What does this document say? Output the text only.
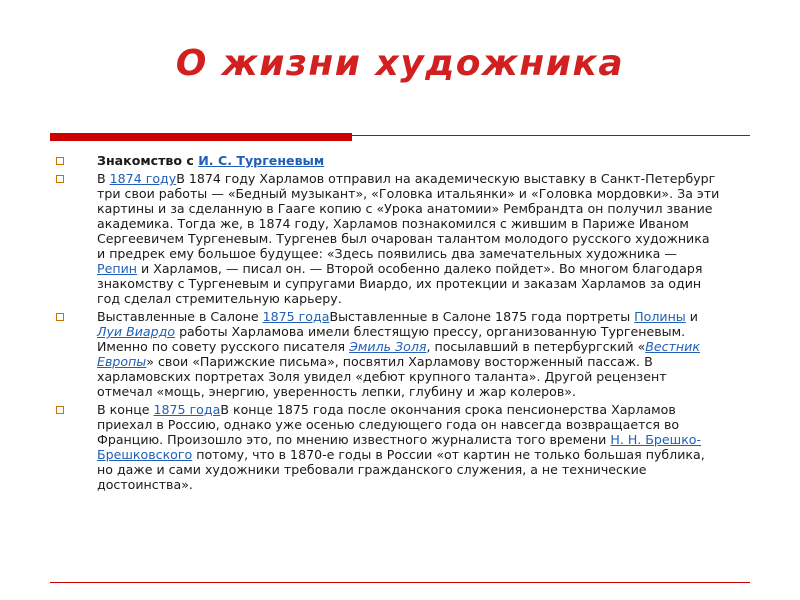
О жизни художника

Знакомство с И. С. Тургеневым

В 1874 годуВ 1874 году Харламов отправил на академическую выставку в Санкт-Петербург три свои работы — «Бедный музыкант», «Головка итальянки» и «Головка мордовки». За эти картины и за сделанную в Гааге копию с «Урока анатомии» Рембрандта он получил звание академика. Тогда же, в 1874 году, Харламов познакомился с жившим в Париже Иваном Сергеевичем Тургеневым. Тургенев был очарован талантом молодого русского художника и предрек ему большое будущее: «Здесь появились два замечательных художника — Репин и Харламов, — писал он. — Второй особенно далеко пойдет». Во многом благодаря знакомству с Тургеневым и супругами Виардо, их протекции и заказам Харламов за один год сделал стремительную карьеру.

Выставленные в Салоне 1875 годаВыставленные в Салоне 1875 года портреты Полины и Луи Виардо работы Харламова имели блестящую прессу, организованную Тургеневым. Именно по совету русского писателя Эмиль Золя, посылавший в петербургский «Вестник Европы» свои «Парижские письма», посвятил Харламову восторженный пассаж. В харламовских портретах Золя увидел «дебют крупного таланта». Другой рецензент отмечал «мощь, энергию, уверенность лепки, глубину и жар колеров».

В конце 1875 годаВ конце 1875 года после окончания срока пенсионерства Харламов приехал в Россию, однако уже осенью следующего года он навсегда возвращается во Францию. Произошло это, по мнению известного журналиста того времени Н. Н. Брешко-Брешковского потому, что в 1870-е годы в России «от картин не только большая публика, но даже и сами художники требовали гражданского служения, а не технические достоинства».
